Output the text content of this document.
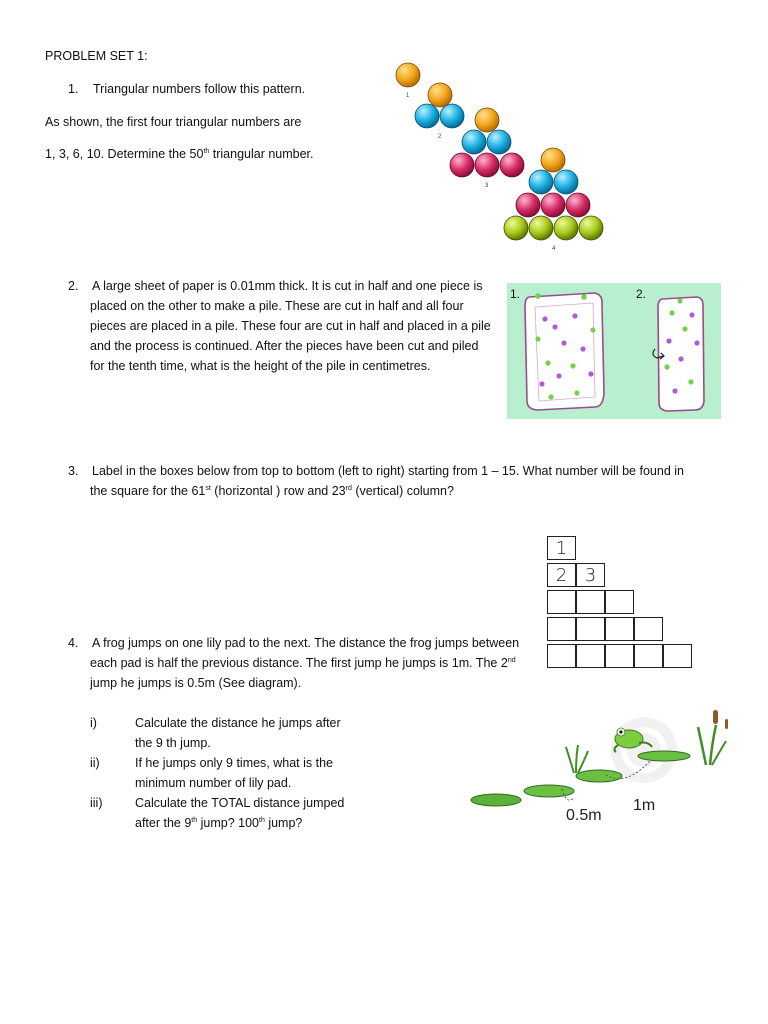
PROBLEM SET 1:
1. Triangular numbers follow this pattern.
As shown, the first four triangular numbers are
1, 3, 6, 10. Determine the 50th triangular number.
1
2
3
4
2. A large sheet of paper is 0.01mm thick. It is cut in half and one piece is
placed on the other to make a pile. These are cut in half and all four
pieces are placed in a pile. These four are cut in half and placed in a pile
and the process is continued. After the pieces have been cut and piled
for the tenth time, what is the height of the pile in centimetres.
1.	2.
3. Label in the boxes below from top to bottom (left to right) starting from 1 – 15. What number will be found in
the square for the 61st (horizontal ) row and 23rd (vertical) column?
1
2 3
4. A frog jumps on one lily pad to the next. The distance the frog jumps between
each pad is half the previous distance. The first jump he jumps is 1m. The 2nd
jump he jumps is 0.5m (See diagram).
i)	Calculate the distance he jumps after
the 9 th jump.
ii)	If he jumps only 9 times, what is the
minimum number of lily pad.
iii)	Calculate the TOTAL distance jumped
after the 9th jump? 100th jump?
1m
0.5m
